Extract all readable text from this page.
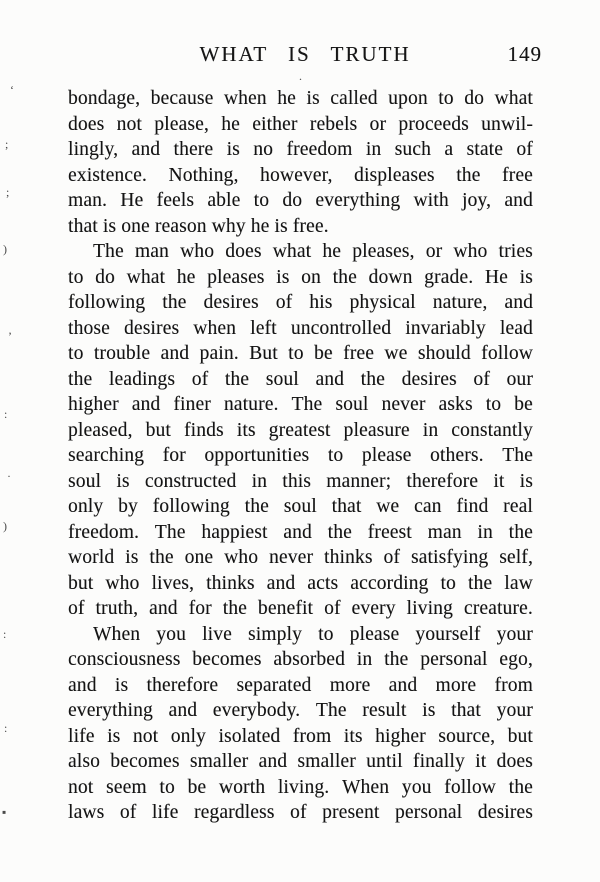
WHAT IS TRUTH	149
bondage, because when he is called upon to do what
does not please, he either rebels or proceeds unwil-
lingly, and there is no freedom in such a state of
existence. Nothing, however, displeases the free
man. He feels able to do everything with joy, and
that is one reason why he is free.
The man who does what he pleases, or who tries
to do what he pleases is on the down grade. He is
following the desires of his physical nature, and
those desires when left uncontrolled invariably lead
to trouble and pain. But to be free we should follow
the leadings of the soul and the desires of our
higher and finer nature. The soul never asks to be
pleased, but finds its greatest pleasure in constantly
searching for opportunities to please others. The
soul is constructed in this manner; therefore it is
only by following the soul that we can find real
freedom. The happiest and the freest man in the
world is the one who never thinks of satisfying self,
but who lives, thinks and acts according to the law
of truth, and for the benefit of every living creature.
When you live simply to please yourself your
consciousness becomes absorbed in the personal ego,
and is therefore separated more and more from
everything and everybody. The result is that your
life is not only isolated from its higher source, but
also becomes smaller and smaller until finally it does
not seem to be worth living. When you follow the
laws of life regardless of present personal desires
‘
;
;
)
’
:
·
)
:
:
.
▪
